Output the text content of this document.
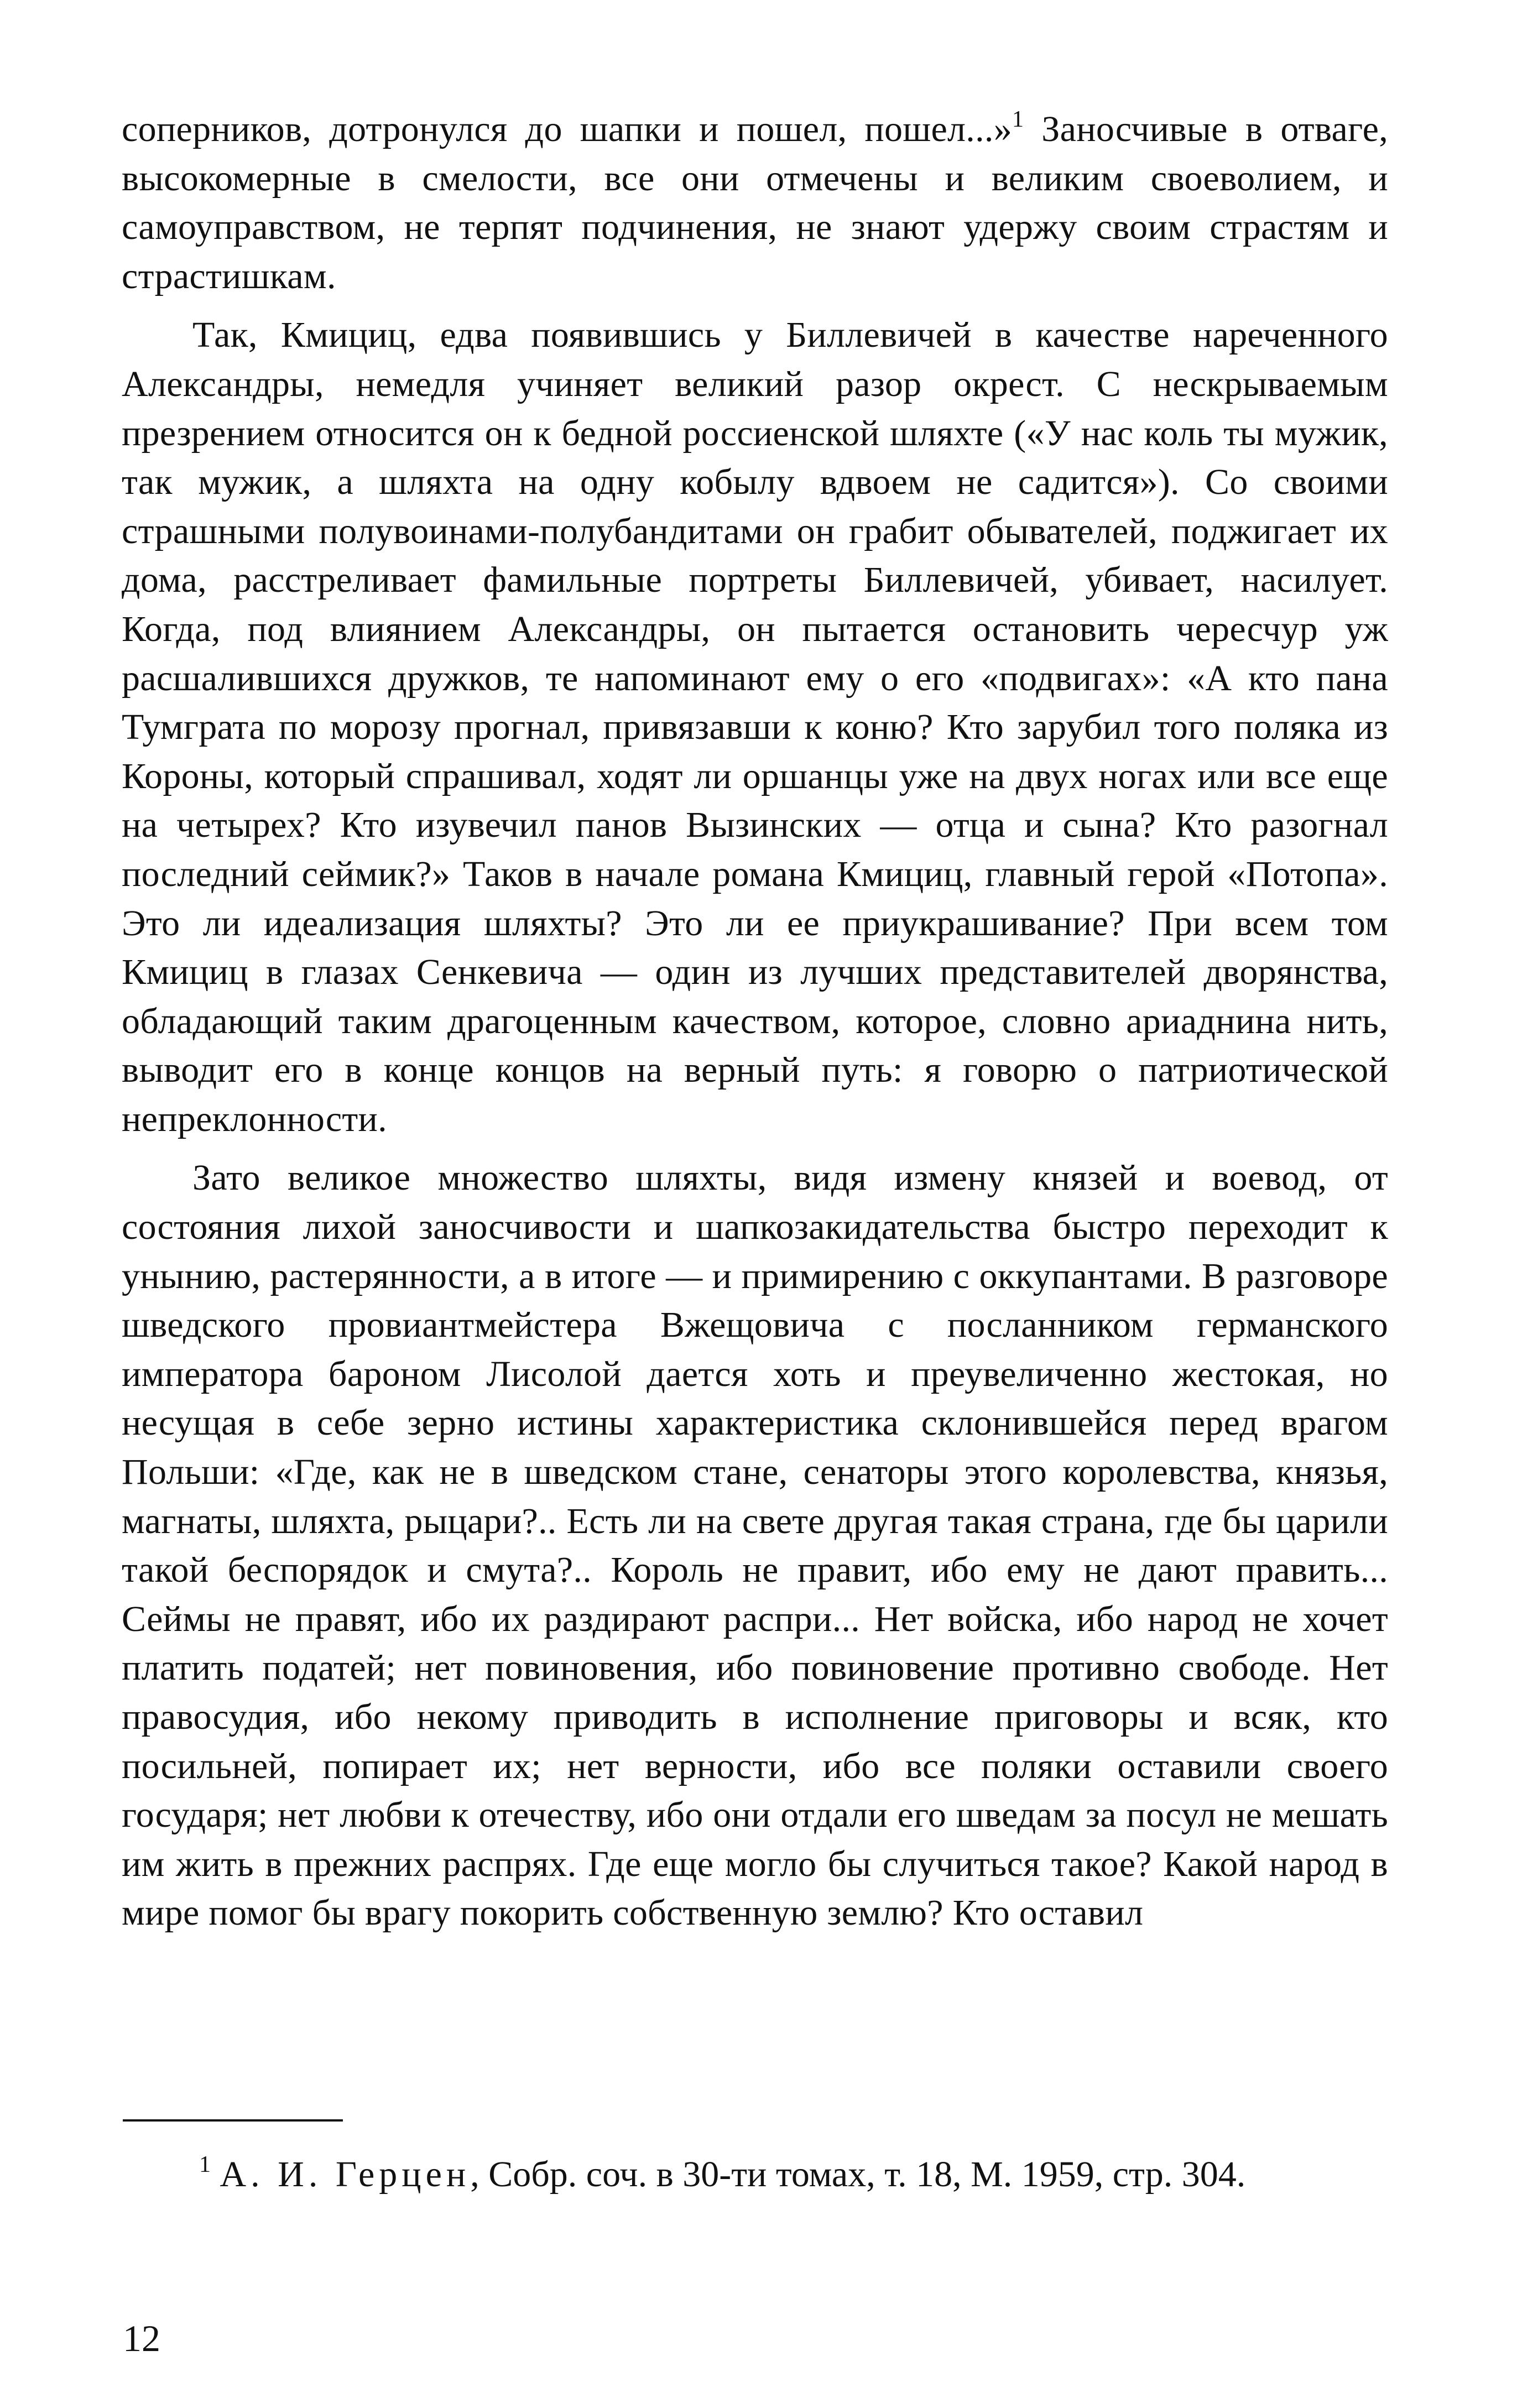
соперников, дотронулся до шапки и пошел, пошел...»$^1$ Заносчивые в отваге, высокомерные в смелости, все они отмечены и великим своеволием, и самоуправством, не терпят подчинения, не знают удержу своим страстям и страстишкам.

Так, Кмициц, едва появившись у Биллевичей в качестве нареченного Александры, немедля учиняет великий разор окрест. С нескрываемым презрением относится он к бедной россиенской шляхте («У нас коль ты мужик, так мужик, а шляхта на одну кобылу вдвоем не садится»). Со своими страшными полувоинами-полубандитами он грабит обывателей, поджигает их дома, расстреливает фамильные портреты Биллевичей, убивает, насилует. Когда, под влиянием Александры, он пытается остановить чересчур уж расшалившихся дружков, те напоминают ему о его «подвигах»: «А кто пана Тумграта по морозу прогнал, привязавши к коню? Кто зарубил того поляка из Короны, который спрашивал, ходят ли оршанцы уже на двух ногах или все еще на четырех? Кто изувечил панов Вызинских — отца и сына? Кто разогнал последний сеймик?» Таков в начале романа Кмициц, главный герой «Потопа». Это ли идеализация шляхты? Это ли ее приукрашивание? При всем том Кмициц в глазах Сенкевича — один из лучших представителей дворянства, обладающий таким драгоценным качеством, которое, словно ариаднина нить, выводит его в конце концов на верный путь: я говорю о патриотической непреклонности.

Зато великое множество шляхты, видя измену князей и воевод, от состояния лихой заносчивости и шапкозакидательства быстро переходит к унынию, растерянности, а в итоге — и примирению с оккупантами. В разговоре шведского провиантмейстера Вжещовича с посланником германского императора бароном Лисолой дается хоть и преувеличенно жестокая, но несущая в себе зерно истины характеристика склонившейся перед врагом Польши: «Где, как не в шведском стане, сенаторы этого королевства, князья, магнаты, шляхта, рыцари?.. Есть ли на свете другая такая страна, где бы царили такой беспорядок и смута?.. Король не правит, ибо ему не дают править... Сеймы не правят, ибо их раздирают распри... Нет войска, ибо народ не хочет платить податей; нет повиновения, ибо повиновение противно свободе. Нет правосудия, ибо некому приводить в исполнение приговоры и всяк, кто посильней, попирает их; нет верности, ибо все поляки оставили своего государя; нет любви к отечеству, ибо они отдали его шведам за посул не мешать им жить в прежних распрях. Где еще могло бы случиться такое? Какой народ в мире помог бы врагу покорить собственную землю? Кто оставил

$^1$ А. И. Герцен, Собр. соч. в 30-ти томах, т. 18, М. 1959, стр. 304.

12
